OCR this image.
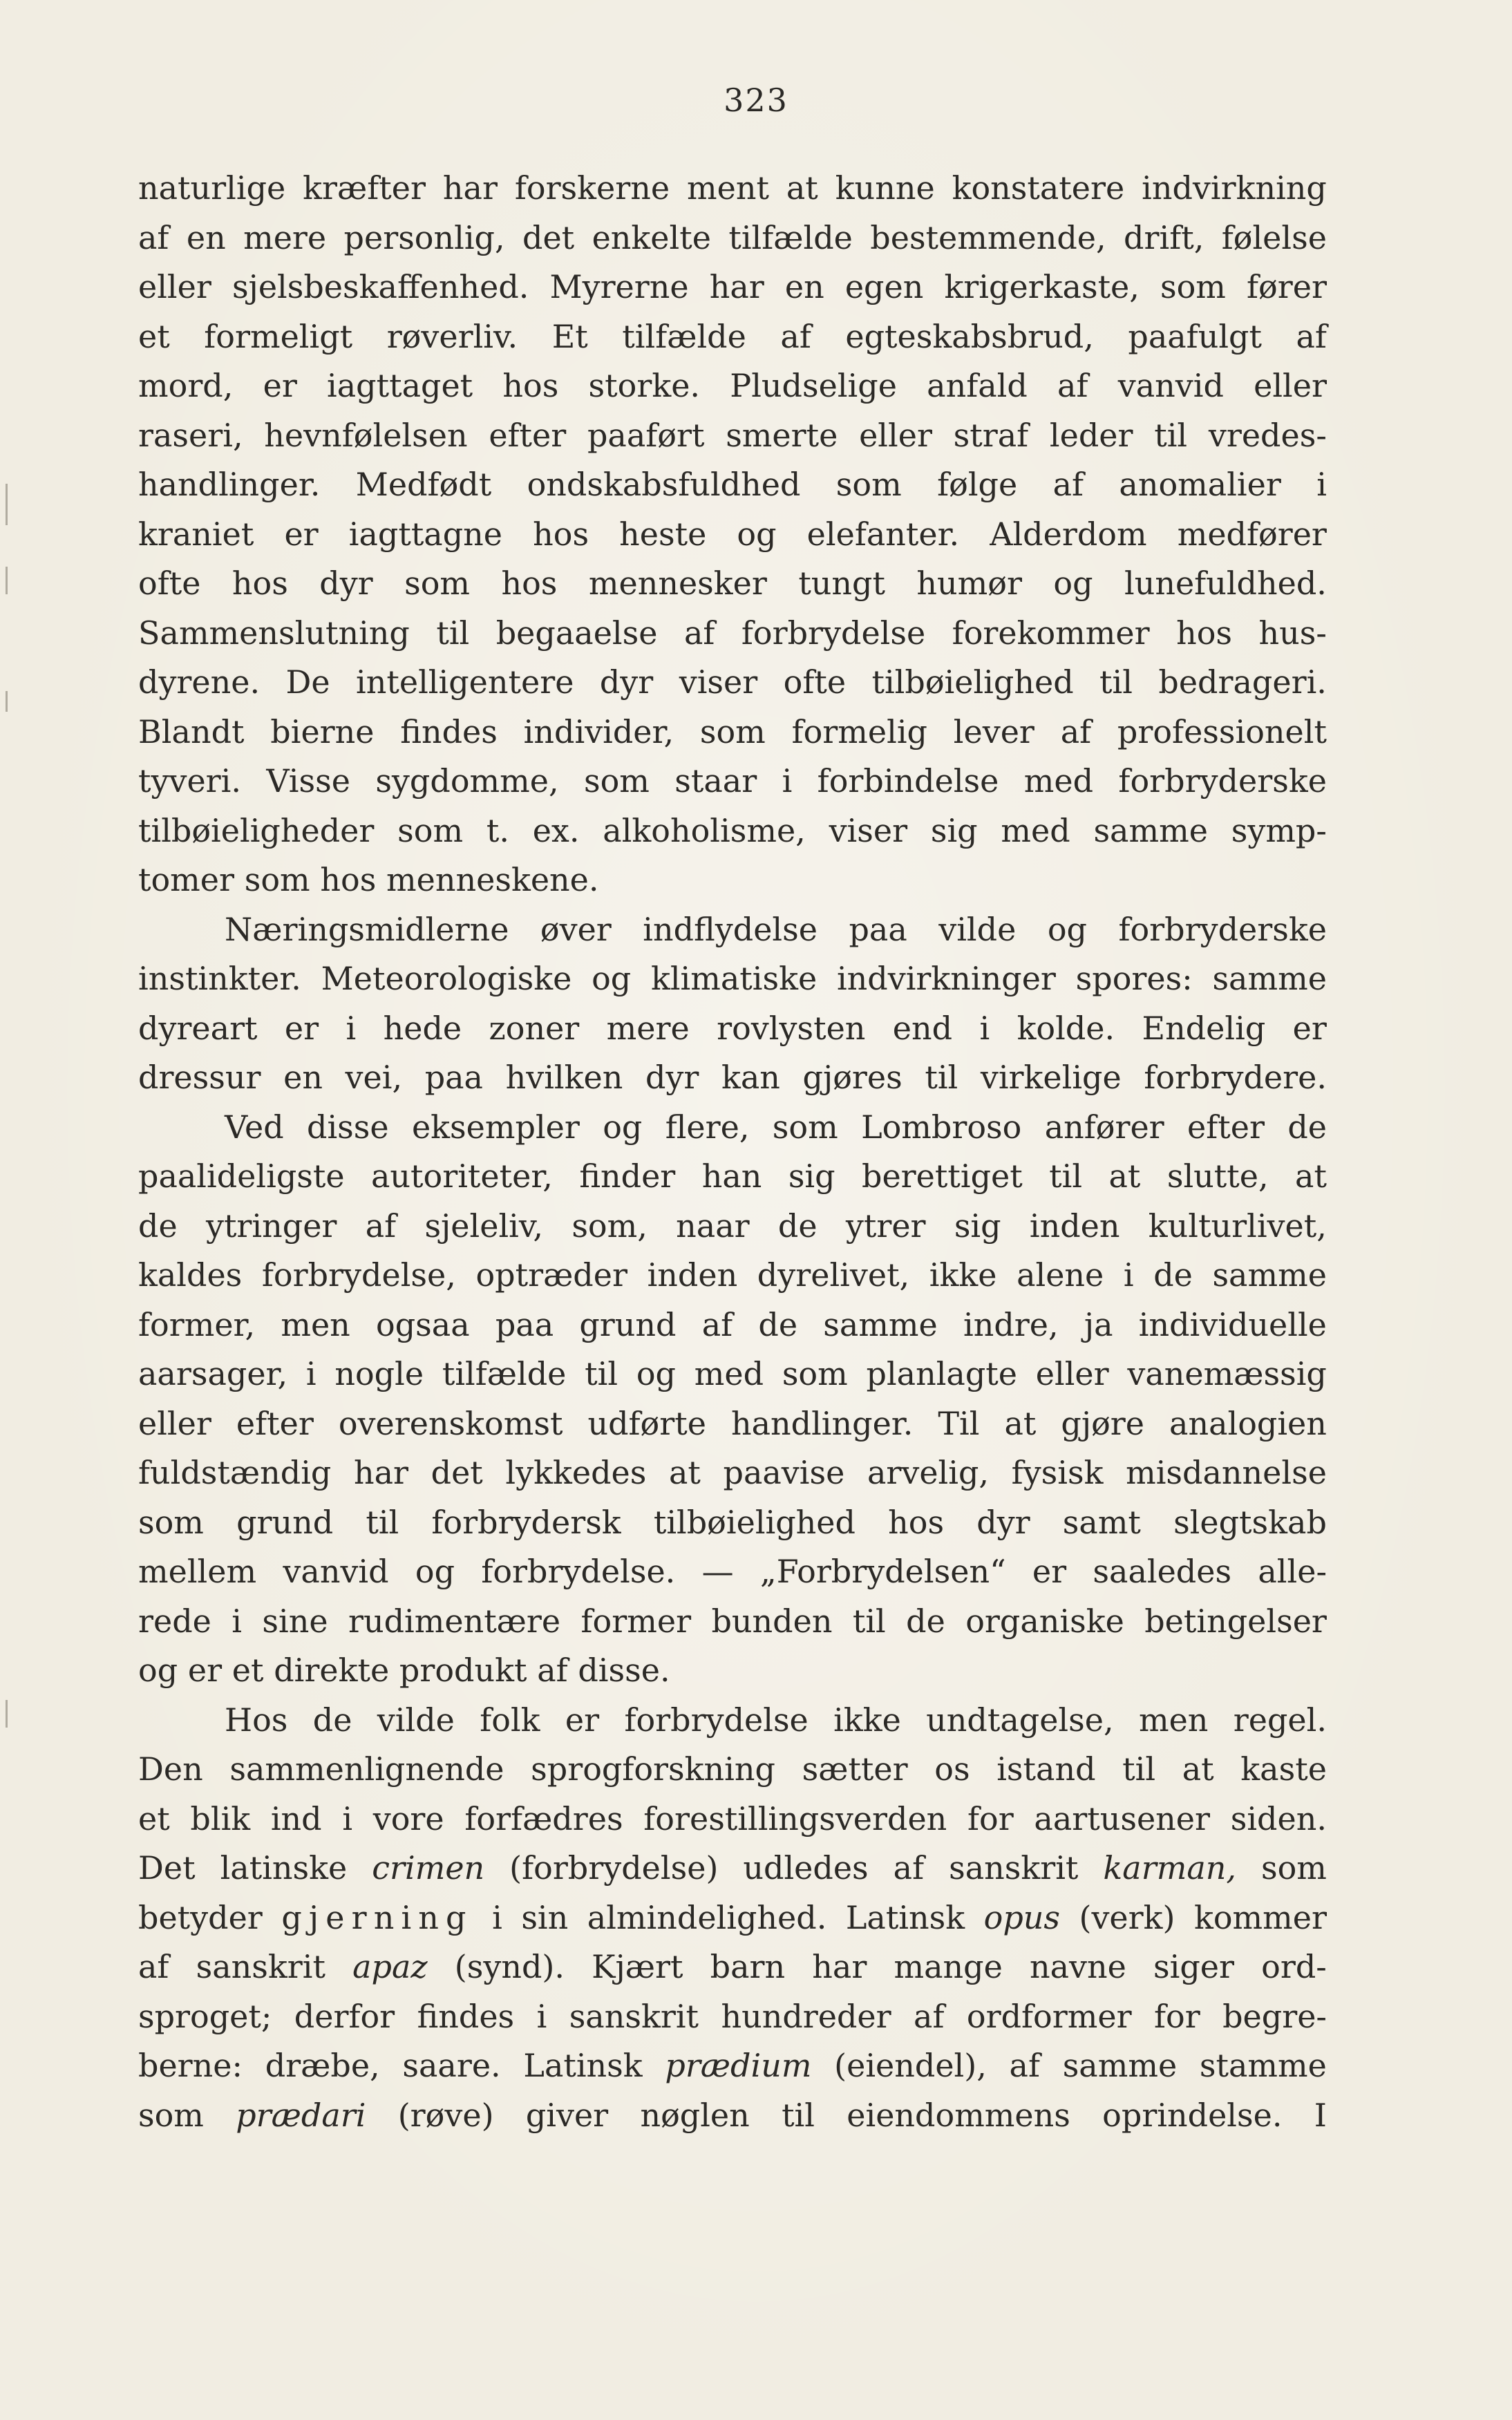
323
naturlige kræfter har forskerne ment at kunne konstatere indvirkning
af en mere personlig, det enkelte tilfælde bestemmende, drift, følelse
eller sjelsbeskaffenhed. Myrerne har en egen krigerkaste, som fører
et formeligt røverliv. Et tilfælde af egteskabsbrud, paafulgt af
mord, er iagttaget hos storke. Pludselige anfald af vanvid eller
raseri, hevnfølelsen efter paaført smerte eller straf leder til vredes-
handlinger. Medfødt ondskabsfuldhed som følge af anomalier i
kraniet er iagttagne hos heste og elefanter. Alderdom medfører
ofte hos dyr som hos mennesker tungt humør og lunefuldhed.
Sammenslutning til begaaelse af forbrydelse forekommer hos hus-
dyrene. De intelligentere dyr viser ofte tilbøielighed til bedrageri.
Blandt bierne findes individer, som formelig lever af professionelt
tyveri. Visse sygdomme, som staar i forbindelse med forbryderske
tilbøieligheder som t. ex. alkoholisme, viser sig med samme symp-
tomer som hos menneskene.
Næringsmidlerne øver indflydelse paa vilde og forbryderske
instinkter. Meteorologiske og klimatiske indvirkninger spores: samme
dyreart er i hede zoner mere rovlysten end i kolde. Endelig er
dressur en vei, paa hvilken dyr kan gjøres til virkelige forbrydere.
Ved disse eksempler og flere, som Lombroso anfører efter de
paalideligste autoriteter, finder han sig berettiget til at slutte, at
de ytringer af sjeleliv, som, naar de ytrer sig inden kulturlivet,
kaldes forbrydelse, optræder inden dyrelivet, ikke alene i de samme
former, men ogsaa paa grund af de samme indre, ja individuelle
aarsager, i nogle tilfælde til og med som planlagte eller vanemæssig
eller efter overenskomst udførte handlinger. Til at gjøre analogien
fuldstændig har det lykkedes at paavise arvelig, fysisk misdannelse
som grund til forbrydersk tilbøielighed hos dyr samt slegtskab
mellem vanvid og forbrydelse. — „Forbrydelsen“ er saaledes alle-
rede i sine rudimentære former bunden til de organiske betingelser
og er et direkte produkt af disse.
Hos de vilde folk er forbrydelse ikke undtagelse, men regel.
Den sammenlignende sprogforskning sætter os istand til at kaste
et blik ind i vore forfædres forestillingsverden for aartusener siden.
Det latinske crimen (forbrydelse) udledes af sanskrit karman, som
betyder gjerning i sin almindelighed. Latinsk opus (verk) kommer
af sanskrit apaz (synd). Kjært barn har mange navne siger ord-
sproget; derfor findes i sanskrit hundreder af ordformer for begre-
berne: dræbe, saare. Latinsk prædium (eiendel), af samme stamme
som prædari (røve) giver nøglen til eiendommens oprindelse. I
